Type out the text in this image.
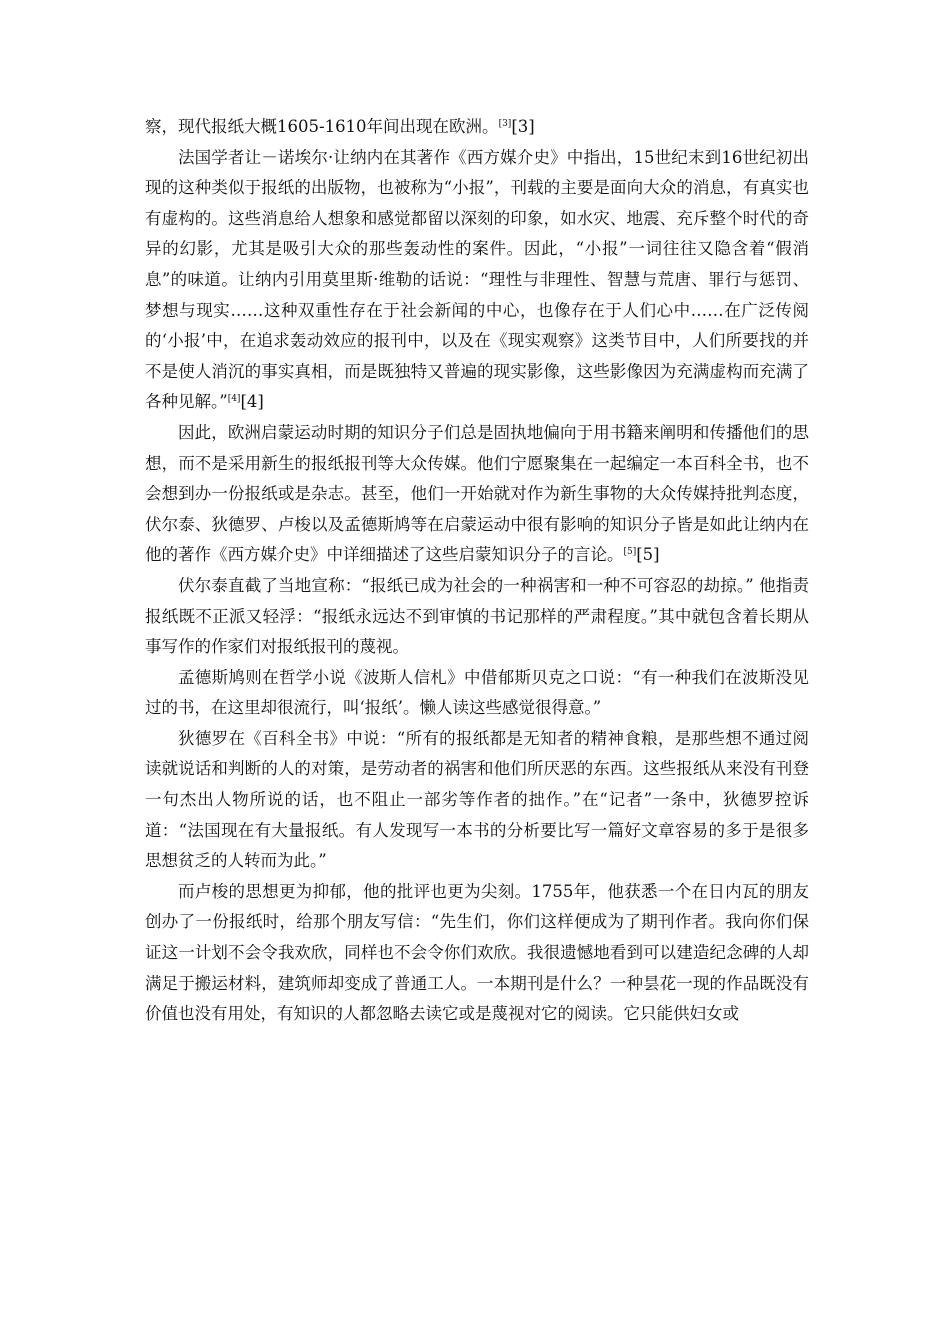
察，现代报纸大概1605-1610年间出现在欧洲。[3][3]

法国学者让－诺埃尔·让纳内在其著作《西方媒介史》中指出，15世纪末到16世纪初出现的这种类似于报纸的出版物，也被称为“小报”，刊载的主要是面向大众的消息，有真实也有虚构的。这些消息给人想象和感觉都留以深刻的印象，如水灾、地震、充斥整个时代的奇异的幻影，尤其是吸引大众的那些轰动性的案件。因此，“小报”一词往往又隐含着“假消息”的味道。让纳内引用莫里斯·维勒的话说：“理性与非理性、智慧与荒唐、罪行与惩罚、梦想与现实……这种双重性存在于社会新闻的中心，也像存在于人们心中……在广泛传阅的‘小报’中，在追求轰动效应的报刊中，以及在《现实观察》这类节目中，人们所要找的并不是使人消沉的事实真相，而是既独特又普遍的现实影像，这些影像因为充满虚构而充满了各种见解。”[4][4]

因此，欧洲启蒙运动时期的知识分子们总是固执地偏向于用书籍来阐明和传播他们的思想，而不是采用新生的报纸报刊等大众传媒。他们宁愿聚集在一起编定一本百科全书，也不会想到办一份报纸或是杂志。甚至，他们一开始就对作为新生事物的大众传媒持批判态度，伏尔泰、狄德罗、卢梭以及孟德斯鸠等在启蒙运动中很有影响的知识分子皆是如此让纳内在他的著作《西方媒介史》中详细描述了这些启蒙知识分子的言论。[5][5]

伏尔泰直截了当地宣称：“报纸已成为社会的一种祸害和一种不可容忍的劫掠。” 他指责报纸既不正派又轻浮：“报纸永远达不到审慎的书记那样的严肃程度。”其中就包含着长期从事写作的作家们对报纸报刊的蔑视。

孟德斯鸠则在哲学小说《波斯人信札》中借郁斯贝克之口说：“有一种我们在波斯没见过的书，在这里却很流行，叫‘报纸’。懒人读这些感觉很得意。”

狄德罗在《百科全书》中说：“所有的报纸都是无知者的精神食粮，是那些想不通过阅读就说话和判断的人的对策，是劳动者的祸害和他们所厌恶的东西。这些报纸从来没有刊登一句杰出人物所说的话，也不阻止一部劣等作者的拙作。”在“记者”一条中，狄德罗控诉道：“法国现在有大量报纸。有人发现写一本书的分析要比写一篇好文章容易的多于是很多思想贫乏的人转而为此。”

而卢梭的思想更为抑郁，他的批评也更为尖刻。1755年，他获悉一个在日内瓦的朋友创办了一份报纸时，给那个朋友写信：“先生们，你们这样便成为了期刊作者。我向你们保证这一计划不会令我欢欣，同样也不会令你们欢欣。我很遗憾地看到可以建造纪念碑的人却满足于搬运材料，建筑师却变成了普通工人。一本期刊是什么？一种昙花一现的作品既没有价值也没有用处，有知识的人都忽略去读它或是蔑视对它的阅读。它只能供妇女或
